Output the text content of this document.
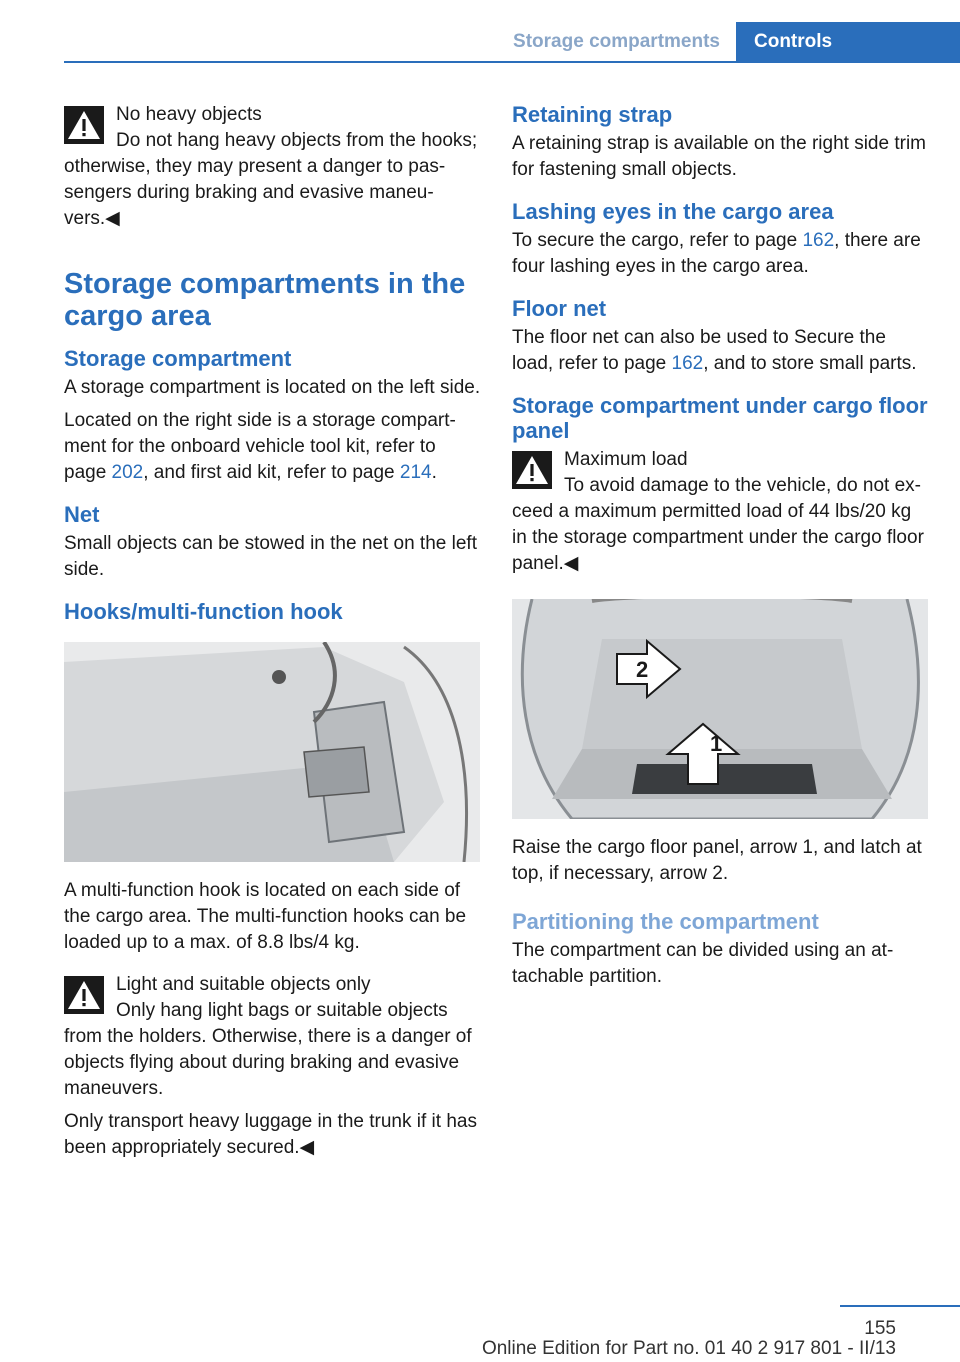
Storage compartments	Controls
No heavy objects

Do not hang heavy objects from the hooks; otherwise, they may present a danger to pas‐sengers during braking and evasive maneu‐vers.◀

Storage compartments in the cargo area
Storage compartment

A storage compartment is located on the left side.

Located on the right side is a storage compart‐ment for the onboard vehicle tool kit, refer to page 202, and first aid kit, refer to page 214.

Net

Small objects can be stowed in the net on the left side.

Hooks/multi-function hook

A multi-function hook is located on each side of the cargo area. The multi-function hooks can be loaded up to a max. of 8.8 lbs/4 kg.

Light and suitable objects only

Only hang light bags or suitable objects from the holders. Otherwise, there is a danger of objects flying about during braking and evasive maneuvers.

Only transport heavy luggage in the trunk if it has been appropriately secured.◀

Retaining strap

A retaining strap is available on the right side trim for fastening small objects.

Lashing eyes in the cargo area

To secure the cargo, refer to page 162, there are four lashing eyes in the cargo area.

Floor net

The floor net can also be used to Secure the load, refer to page 162, and to store small parts.

Storage compartment under cargo floor panel
Maximum load

To avoid damage to the vehicle, do not ex‐ceed a maximum permitted load of 44 lbs/20 kg in the storage compartment under the cargo floor panel.◀

1
2

Raise the cargo floor panel, arrow 1, and latch at top, if necessary, arrow 2.

Partitioning the compartment

The compartment can be divided using an at‐tachable partition.

155
Online Edition for Part no. 01 40 2 917 801 - II/13
